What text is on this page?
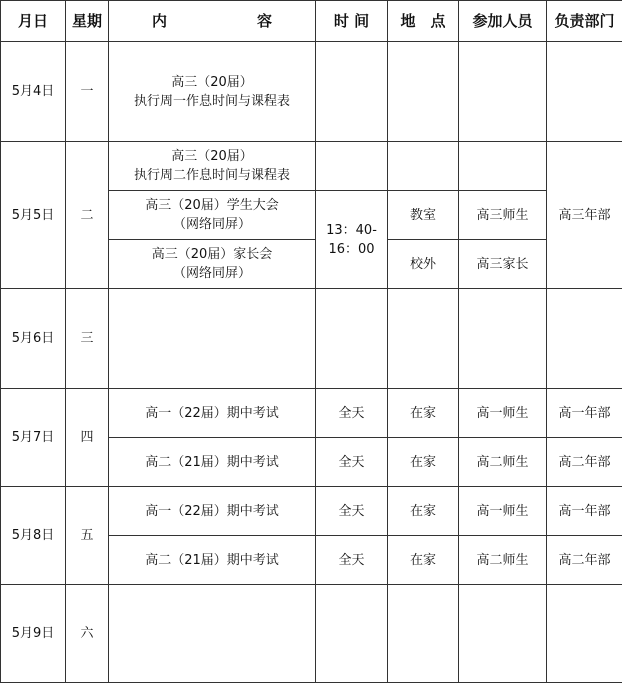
月日	星期	内　　　　　　容	时 间	地　点	参加人员	负责部门
5月4日	一	高三（20届）
执行周一作息时间与课程表				

5月5日	二	高三（20届）
执行周二作息时间与课程表				高三年部

		高三（20届）学生大会
（网络同屏）	13：40-
16：00	教室	高三师生	

		高三（20届）家长会
（网络同屏）		校外	高三家长	
5月6日	三					
5月7日	四	高一（22届）期中考试	全天	在家	高一师生	高一年部
		高二（21届）期中考试	全天	在家	高二师生	高二年部
5月8日	五	高一（22届）期中考试	全天	在家	高一师生	高一年部
		高二（21届）期中考试	全天	在家	高二师生	高二年部
5月9日	六					
